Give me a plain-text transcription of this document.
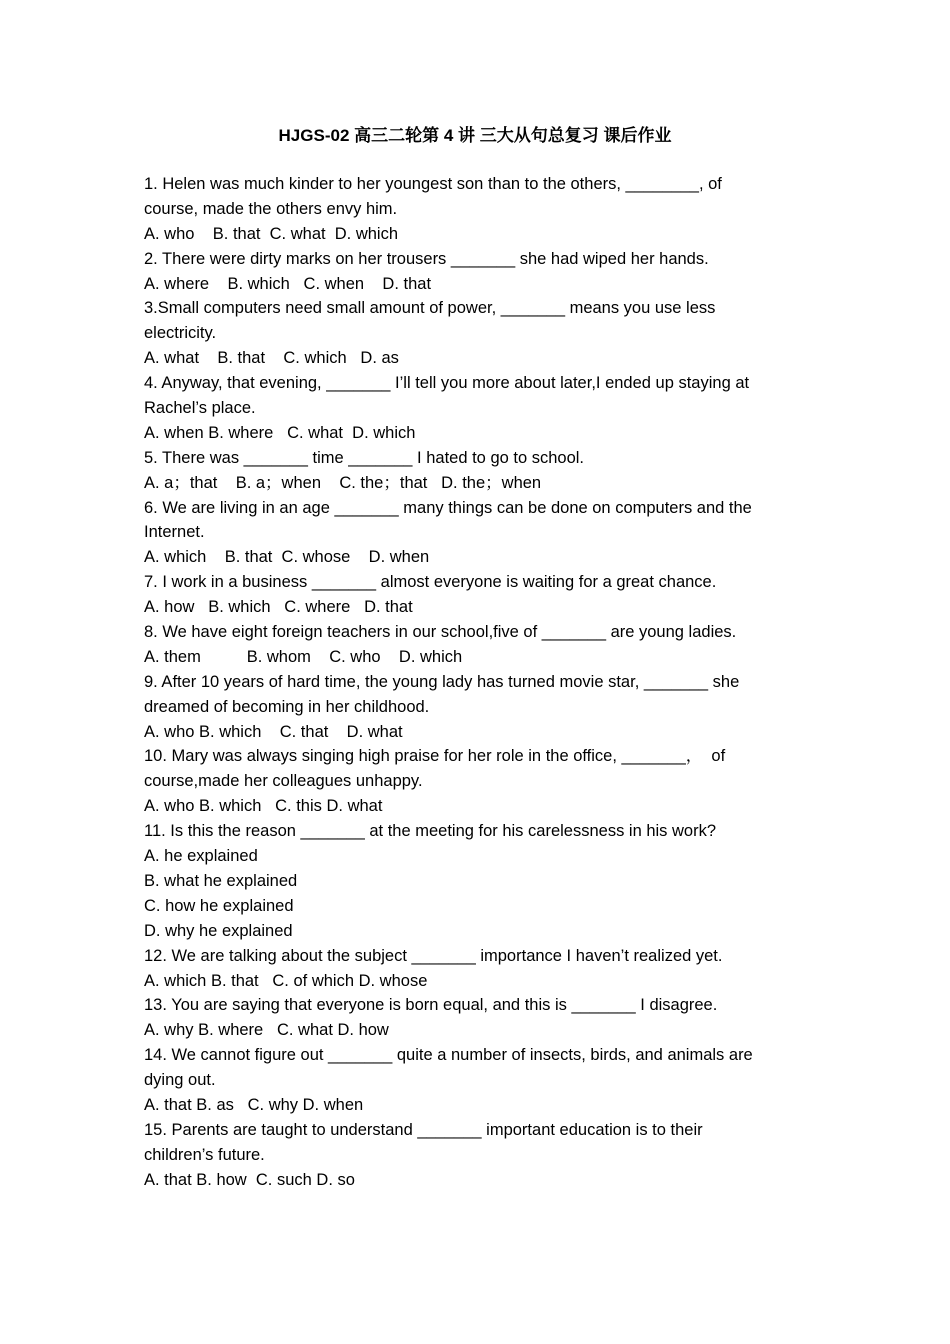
HJGS-02 高三二轮第 4 讲 三大从句总复习 课后作业
1. Helen was much kinder to her youngest son than to the others, ________, of
course, made the others envy him.
A. who    B. that  C. what  D. which
2. There were dirty marks on her trousers _______ she had wiped her hands.
A. where    B. which   C. when    D. that
3.Small computers need small amount of power, _______ means you use less
electricity.
A. what    B. that    C. which   D. as
4. Anyway, that evening, _______ I’ll tell you more about later,I ended up staying at
Rachel’s place.
A. when B. where   C. what  D. which
5. There was _______ time _______ I hated to go to school.
A. a；that    B. a；when    C. the；that   D. the；when
6. We are living in an age _______ many things can be done on computers and the
Internet.
A. which    B. that  C. whose    D. when
7. I work in a business _______ almost everyone is waiting for a great chance.
A. how   B. which   C. where   D. that
8. We have eight foreign teachers in our school,five of _______ are young ladies.
A. them          B. whom    C. who    D. which
9. After 10 years of hard time, the young lady has turned movie star, _______ she
dreamed of becoming in her childhood.
A. who B. which    C. that    D. what
10. Mary was always singing high praise for her role in the office, _______，  of
course,made her colleagues unhappy.
A. who B. which   C. this D. what
11. Is this the reason _______ at the meeting for his carelessness in his work?
A. he explained
B. what he explained
C. how he explained
D. why he explained
12. We are talking about the subject _______ importance I haven’t realized yet.
A. which B. that   C. of which D. whose
13. You are saying that everyone is born equal, and this is _______ I disagree.
A. why B. where   C. what D. how
14. We cannot figure out _______ quite a number of insects, birds, and animals are
dying out.
A. that B. as   C. why D. when
15. Parents are taught to understand _______ important education is to their
children’s future.
A. that B. how  C. such D. so
